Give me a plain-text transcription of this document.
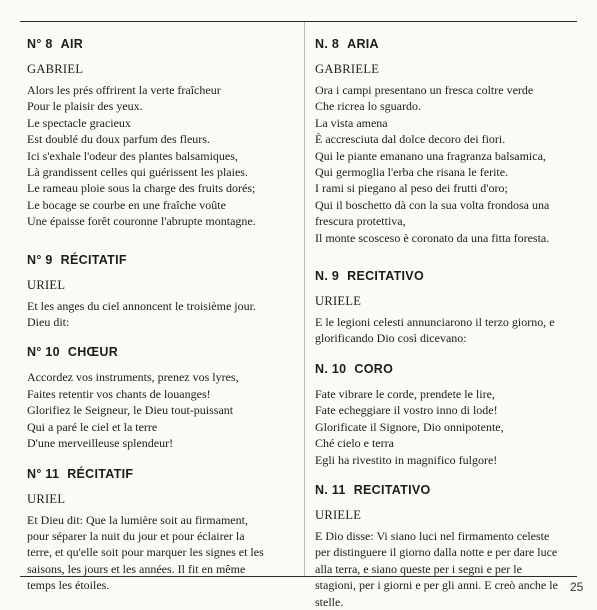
N° 8 AIR
GABRIEL
Alors les prés offrirent la verte fraîcheur
Pour le plaisir des yeux.
Le spectacle gracieux
Est doublé du doux parfum des fleurs.
Ici s'exhale l'odeur des plantes balsamiques,
Là grandissent celles qui guérissent les plaies.
Le rameau ploie sous la charge des fruits dorés;
Le bocage se courbe en une fraîche voûte
Une épaisse forêt couronne l'abrupte montagne.
N° 9 RÉCITATIF
URIEL
Et les anges du ciel annoncent le troisième jour.
Dieu dit:
N° 10 CHŒUR
Accordez vos instruments, prenez vos lyres,
Faites retentir vos chants de louanges!
Glorifiez le Seigneur, le Dieu tout-puissant
Qui a paré le ciel et la terre
D'une merveilleuse splendeur!
N° 11 RÉCITATIF
URIEL
Et Dieu dit: Que la lumière soit au firmament,
pour séparer la nuit du jour et pour éclairer la
terre, et qu'elle soit pour marquer les signes et les
saisons, les jours et les années. Il fit en même
temps les étoiles.
N. 8 ARIA
GABRIELE
Ora i campi presentano un fresca coltre verde
Che ricrea lo sguardo.
La vista amena
È accresciuta dal dolce decoro dei fiori.
Qui le piante emanano una fragranza balsamica,
Qui germoglia l'erba che risana le ferite.
I rami si piegano al peso dei frutti d'oro;
Qui il boschetto dà con la sua volta frondosa una
frescura protettiva,
Il monte scosceso è coronato da una fitta foresta.
N. 9 RECITATIVO
URIELE
E le legioni celesti annunciarono il terzo giorno, e
glorificando Dio così dicevano:
N. 10 CORO
Fate vibrare le corde, prendete le lire,
Fate echeggiare il vostro inno di lode!
Glorificate il Signore, Dio onnipotente,
Ché cielo e terra
Egli ha rivestito in magnifico fulgore!
N. 11 RECITATIVO
URIELE
E Dio disse: Vi siano luci nel firmamento celeste
per distinguere il giorno dalla notte e per dare luce
alla terra, e siano queste per i segni e per le
stagioni, per i giorni e per gli anni. E creò anche le
stelle.
25
